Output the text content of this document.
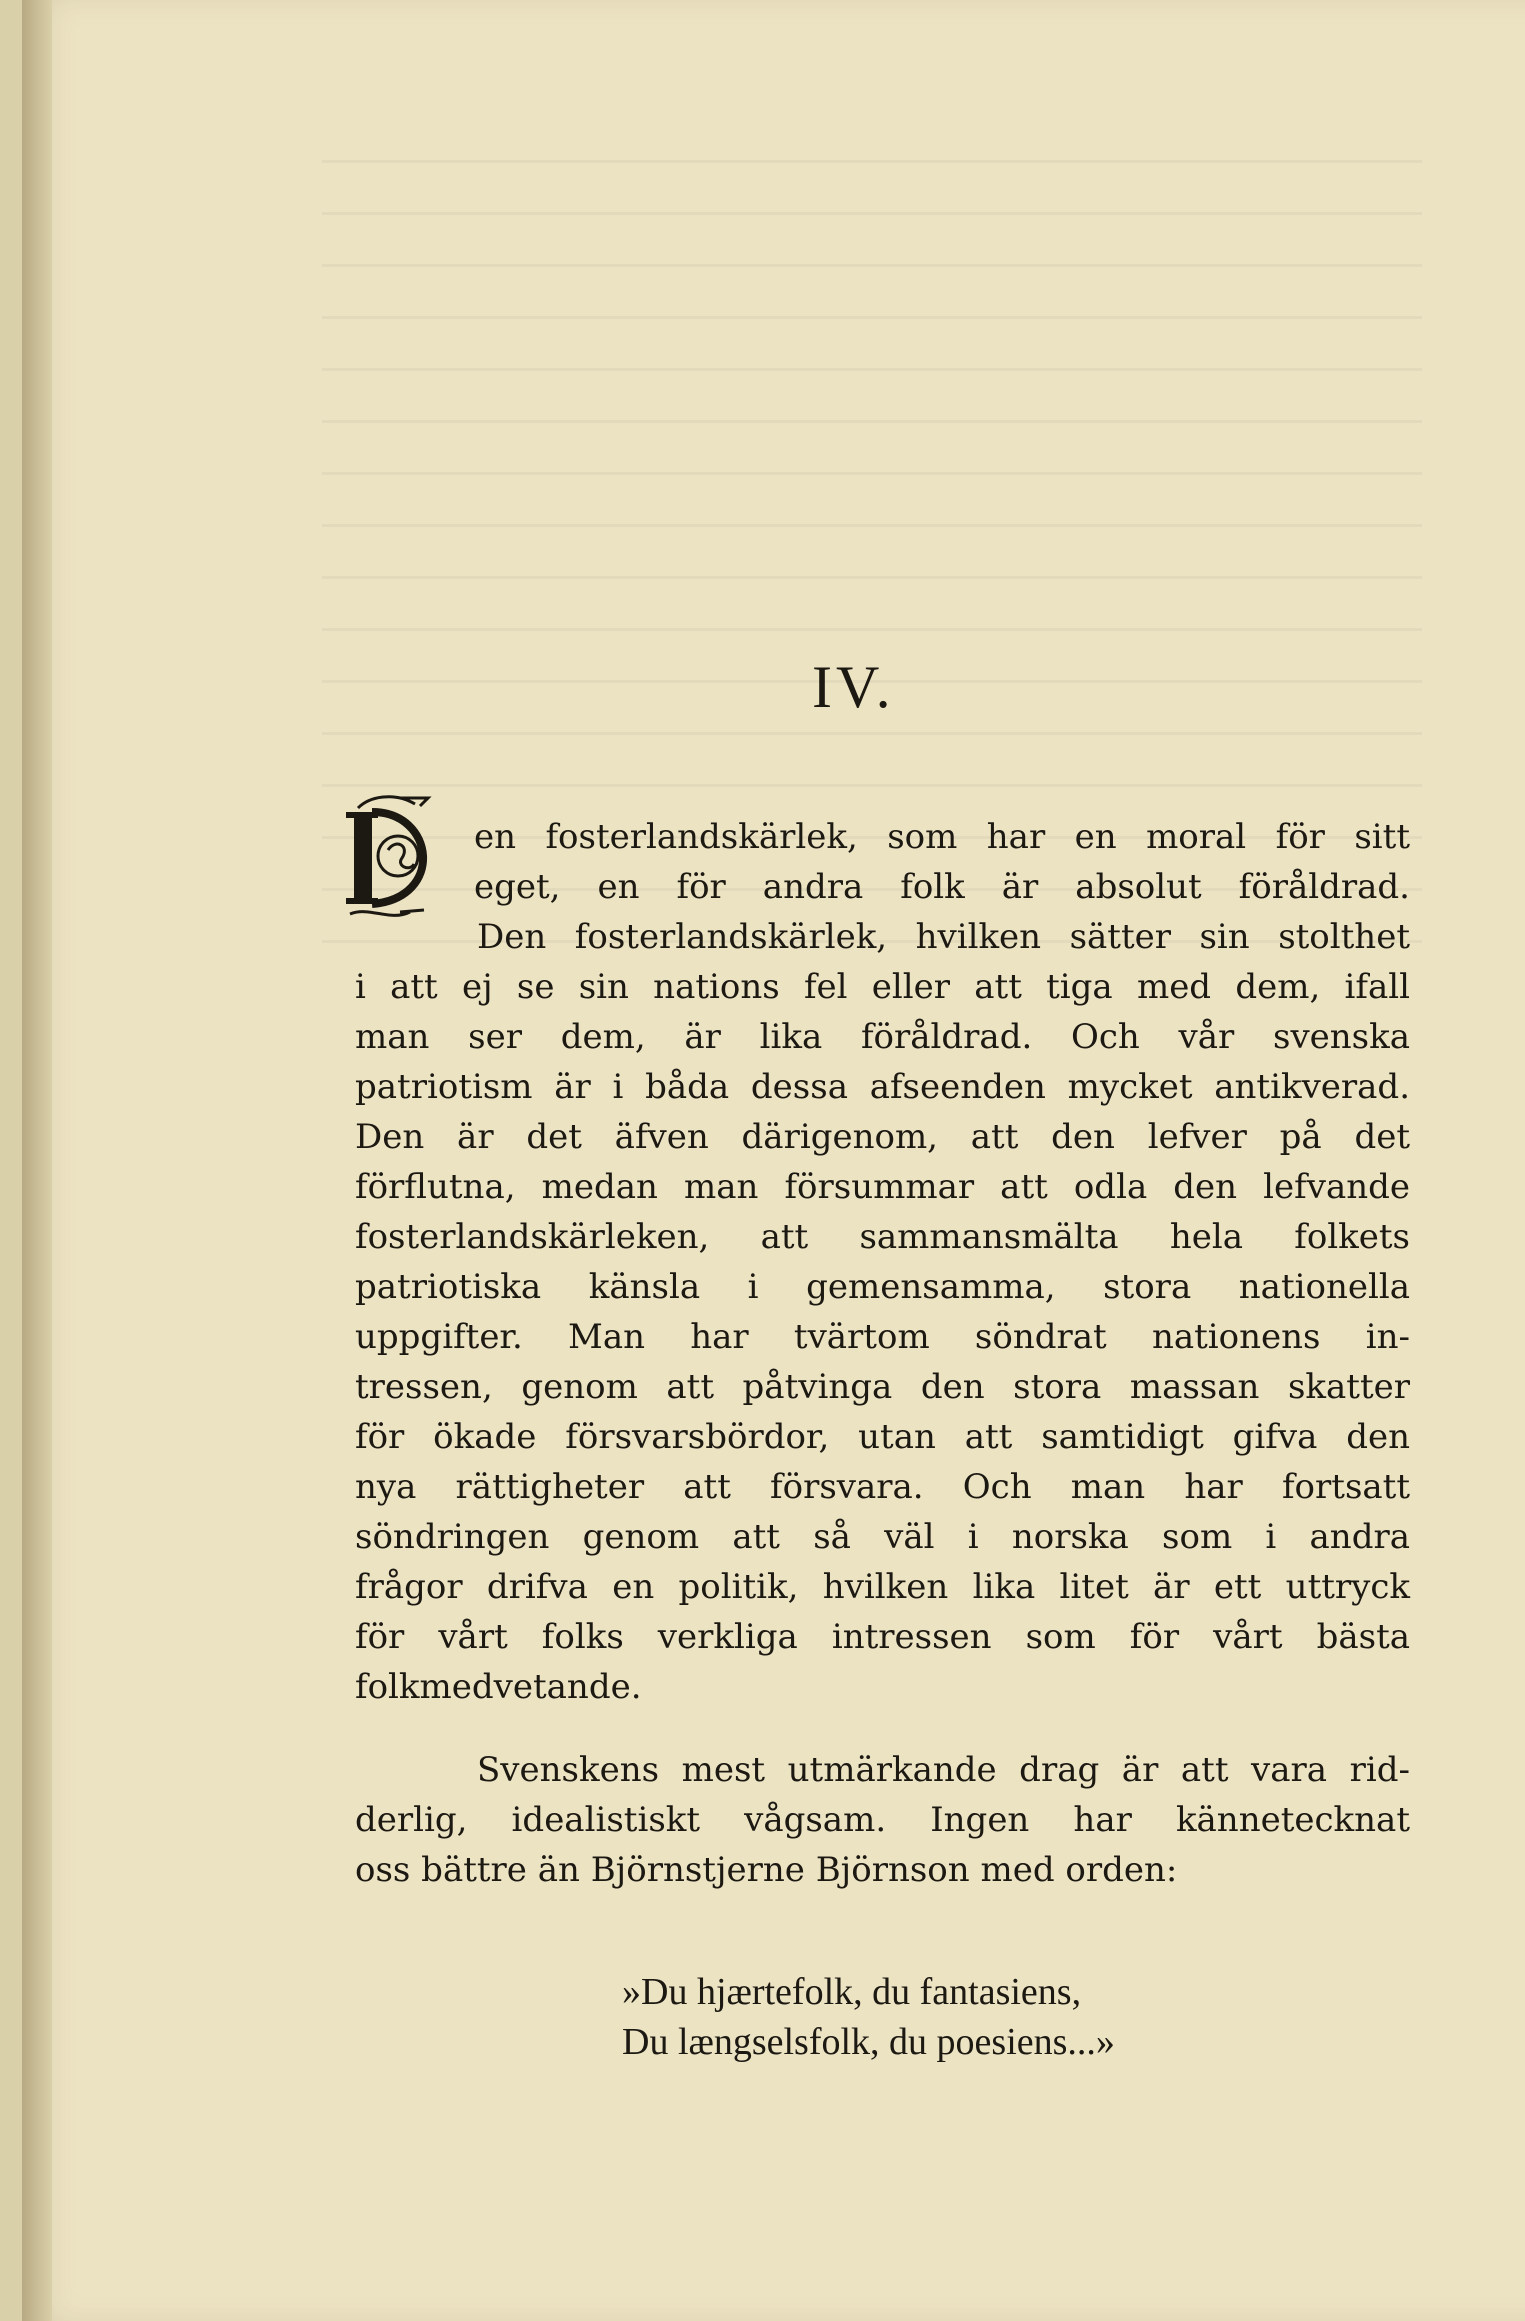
IV.
en fosterlandskärlek, som har en moral för sitt
eget, en för andra folk är absolut föråldrad.
Den fosterlandskärlek, hvilken sätter sin stolthet
i att ej se sin nations fel eller att tiga med dem, ifall
man ser dem, är lika föråldrad. Och vår svenska
patriotism är i båda dessa afseenden mycket antikverad.
Den är det äfven därigenom, att den lefver på det
förflutna, medan man försummar att odla den lefvande
fosterlandskärleken, att sammansmälta hela folkets
patriotiska känsla i gemensamma, stora nationella
uppgifter. Man har tvärtom söndrat nationens in-
tressen, genom att påtvinga den stora massan skatter
för ökade försvarsbördor, utan att samtidigt gifva den
nya rättigheter att försvara. Och man har fortsatt
söndringen genom att så väl i norska som i andra
frågor drifva en politik, hvilken lika litet är ett uttryck
för vårt folks verkliga intressen som för vårt bästa
folkmedvetande.
Svenskens mest utmärkande drag är att vara rid-
derlig, idealistiskt vågsam. Ingen har kännetecknat
oss bättre än Björnstjerne Björnson med orden:
»Du hjærtefolk, du fantasiens,
Du længselsfolk, du poesiens...»
